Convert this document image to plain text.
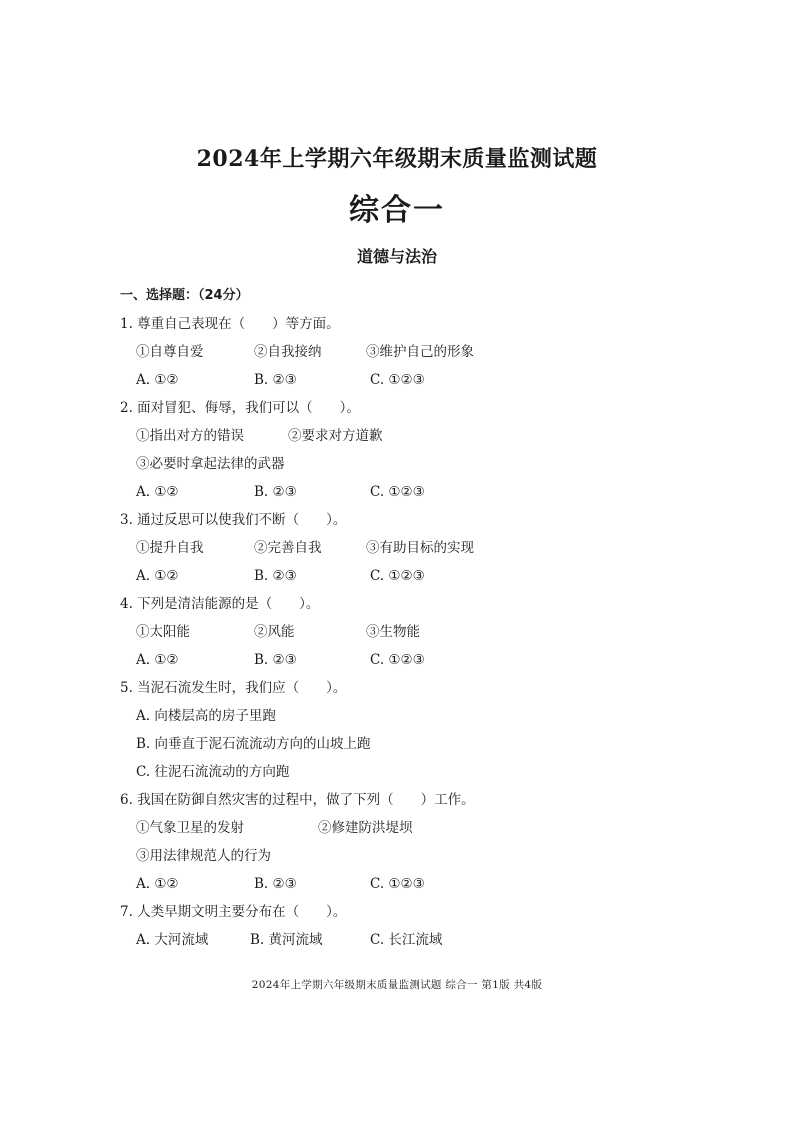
2024年上学期六年级期末质量监测试题
综合一
道德与法治
一、选择题：（24分）
1. 尊重自己表现在（　　）等方面。
①自尊自爱	②自我接纳	③维护自己的形象
A. ①②	B. ②③	C. ①②③
2. 面对冒犯、侮辱，我们可以（　　）。
①指出对方的错误	②要求对方道歉
③必要时拿起法律的武器
A. ①②	B. ②③	C. ①②③
3. 通过反思可以使我们不断（　　）。
①提升自我	②完善自我	③有助目标的实现
A. ①②	B. ②③	C. ①②③
4. 下列是清洁能源的是（　　）。
①太阳能	②风能	③生物能
A. ①②	B. ②③	C. ①②③
5. 当泥石流发生时，我们应（　　）。
A. 向楼层高的房子里跑
B. 向垂直于泥石流流动方向的山坡上跑
C. 往泥石流流动的方向跑
6. 我国在防御自然灾害的过程中，做了下列（　　）工作。
①气象卫星的发射	②修建防洪堤坝
③用法律规范人的行为
A. ①②	B. ②③	C. ①②③
7. 人类早期文明主要分布在（　　）。
A. 大河流域	B. 黄河流域	C. 长江流域
2024年上学期六年级期末质量监测试题 综合一 第1版 共4版
